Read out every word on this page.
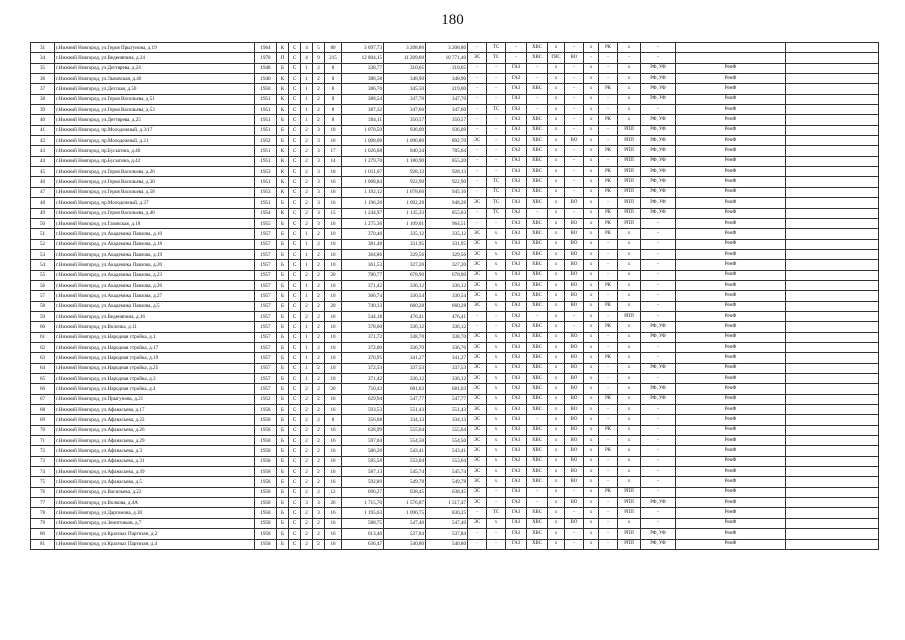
180
31	г.Нижний Новгород, ул.Героя Прыгунова, д.19	1964	К	С	4	5	80	3 697,73	3 208,80	3 208,80	-	ТС	-	ХВС	х	-	х	РК	х	-		
34	г.Нижний Новгород, ул.Веденяпина, д.24	1978	П	С	4	9	215	12 804,15	11 209,60	10 771,40	ЭС	ТС	-	ХВС	ГВС	ВО	-	-	-	-		
35	г.Нижний Новгород, ул.Дегтярева, д.24	1948	Б	С	1	2	8	338,77	310,65	310,65	-	-	ГАЗ	-	х	-	х	-	х	РФ, УФ	РемФ	
36	г.Нижний Новгород, ул.Львовская, д.46	1940	К	С	1	2	8	388,58	348,90	348,90	-	-	ГАЗ	-	х	-	х	-	х	РФ, УФ	РемФ	
37	г.Нижний Новгород, ул.Детская, д.50	1950	К	С	1	2	8	386,70	345,50	219,00	-	-	ГАЗ	ХВС	х	-	х	РК	х	РФ, УФ	РемФ	
38	г.Нижний Новгород, ул.Героя Васильева, д.51	1951	К	С	1	2	8	388,54	347,70	347,70	-	-	ГАЗ	-	х	-	х	-	х	РФ, УФ	РемФ	
39	г.Нижний Новгород, ул.Героя Васильева, д.53	1951	К	С	1	2	8	387,32	347,60	347,60	-	ТС	ГАЗ	-	х	-	х	-	х	-	РемФ	
40	г.Нижний Новгород, ул.Дегтярева, д.25	1951	Б	С	1	2	8	394,11	350,57	350,57	-	-	ГАЗ	ХВС	х	-	х	РК	х	РФ, УФ	РемФ	
41	г.Нижний Новгород, пр.Молодежный, д.3/17	1951	Б	С	2	3	18	1 070,50	936,09	936,09	-	-	ГАЗ	ХВС	х	-	х	-	РПП	РФ, УФ	РемФ	
42	г.Нижний Новгород, пр.Молодежный, д.21	1952	Б	С	2	3	16	1 098,08	1 096,80	892,70	ЭС	-	ГАЗ	ХВС	х	ВО	х	-	РПП	РФ, УФ	РемФ	
43	г.Нижний Новгород, пр.Бусыгина, д.40	1951	К	С	2	3	17	1 026,68	940,34	785,64	-	-	ГАЗ	ХВС	х	-	х	РК	РПП	РФ, УФ	РемФ	
44	г.Нижний Новгород, пр.Бусыгина, д.42	1951	К	С	2	3	14	1 279,70	1 180,90	855,20	-	-	ГАЗ	ХВС	х	-	х	-	РПП	РФ, УФ	РемФ	
45	г.Нижний Новгород, ул.Героя Васильева, д.26	1953	К	С	2	3	18	1 011,07	928,13	928,13	-	-	ГАЗ	ХВС	х	-	х	РК	РПП	РФ, УФ	РемФ	
46	г.Нижний Новгород, ул.Героя Васильева, д.30	1951	К	С	2	3	16	1 008,84	922,90	922,90	-	ТС	ГАЗ	ХВС	х	-	х	РК	РПП	РФ, УФ	РемФ	
47	г.Нижний Новгород, ул.Героя Васильева, д.58	1953	К	С	2	3	16	1 192,12	1 078,66	945,16	-	ТС	ГАЗ	ХВС	х	-	х	РК	РПП	РФ, УФ	РемФ	
48	г.Нижний Новгород, пр.Молодежный, д.27	1951	Б	С	2	3	16	1 196,26	1 092,28	948,28	ЭС	ТС	ГАЗ	ХВС	х	ВО	х	-	РПП	РФ, УФ	РемФ	
49	г.Нижний Новгород, ул.Героя Васильева, д.46	1954	К	С	2	3	15	1 244,97	1 135,33	855,63	-	ТС	ГАЗ	-	х	-	х	РК	РПП	РФ, УФ	РемФ	
50	г.Нижний Новгород, ул.Газовская, д.18	1955	Б	С	2	3	16	1 275,36	1 109,01	964,51	-	-	ГАЗ	ХВС	х	ВО	х	РК	РПП	-	РемФ	
51	г.Нижний Новгород, ул.Академика Павлова, д.10	1957	Б	С	1	2	10	370,46	335,12	335,12	ЭС	х	ГАЗ	ХВС	х	ВО	х	РК	х	-	РемФ	
52	г.Нижний Новгород, ул.Академика Павлова, д.18	1957	Б	С	1	2	10	381,48	331,95	331,95	ЭС	х	ГАЗ	ХВС	х	ВО	х	-	х	-	РемФ	
53	г.Нижний Новгород, ул.Академика Павлова, д.19	1957	Б	С	1	2	10	364,86	329,56	329,56	ЭС	х	ГАЗ	ХВС	х	ВО	х	-	х	-	РемФ	
54	г.Нижний Новгород, ул.Академика Павлова, д.20	1957	Б	С	1	2	10	361,53	327,20	327,20	ЭС	х	ГАЗ	ХВС	х	ВО	х	-	х	-	РемФ	
55	г.Нижний Новгород, ул.Академика Павлова, д.23	1957	Б	С	2	2	20	780,77	678,90	678,90	ЭС	х	ГАЗ	ХВС	х	ВО	х	-	х	-	РемФ	
56	г.Нижний Новгород, ул.Академика Павлова, д.26	1957	Б	С	1	2	10	371,42	336,12	336,12	ЭС	х	ГАЗ	ХВС	х	ВО	х	РК	х	-	РемФ	
57	г.Нижний Новгород, ул.Академика Павлова, д.27	1957	Б	С	1	2	10	366,74	330,54	330,54	ЭС	х	ГАЗ	ХВС	х	ВО	х	-	х	-	РемФ	
58	г.Нижний Новгород, ул.Академика Павлова, д.5	1957	Б	С	2	2	20	740,13	660,28	660,28	ЭС	х	ГАЗ	ХВС	х	ВО	х	РК	х	-	РемФ	
59	г.Нижний Новгород, ул.Веденяпина, д.16	1957	Б	С	2	2	16	544,18	476,41	476,41	-	-	ГАЗ	-	х	-	х	-	РПП	-	РемФ	
60	г.Нижний Новгород, ул.Волочка, д.11	1957	Б	С	1	2	10	378,60	336,12	336,12	-	-	ГАЗ	ХВС	х	-	х	РК	х	РФ, УФ	РемФ	
61	г.Нижний Новгород, ул.Народная стройка, д.1	1957	Б	С	1	2	10	371,72	338,70	338,70	ЭС	х	ГАЗ	ХВС	х	ВО	х	-	х	РФ, УФ	РемФ	
62	г.Нижний Новгород, ул.Народная стройка, д.17	1957	Б	С	1	2	10	372,00	336,70	336,70	ЭС	х	ГАЗ	ХВС	х	ВО	х	-	х	-	РемФ	
63	г.Нижний Новгород, ул.Народная стройка, д.19	1957	Б	С	1	2	10	376,95	341,27	341,27	ЭС	х	ГАЗ	ХВС	х	ВО	х	РК	х	-	РемФ	
64	г.Нижний Новгород, ул.Народная стройка, д.25	1957	Б	С	1	2	10	372,53	337,53	337,53	ЭС	х	ГАЗ	ХВС	х	ВО	х	-	х	РФ, УФ	РемФ	
65	г.Нижний Новгород, ул.Народная стройка, д.3	1957	Б	С	1	2	10	371,42	336,12	336,12	ЭС	х	ГАЗ	ХВС	х	ВО	х	-	х	-	РемФ	
66	г.Нижний Новгород, ул.Народная стройка, д.4	1957	Б	С	2	2	20	750,43	681,63	681,63	ЭС	х	ГАЗ	ХВС	х	ВО	х	-	х	РФ, УФ	РемФ	
67	г.Нижний Новгород, ул.Прыгунова, д.21	1952	Б	С	2	2	16	629,94	547,77	547,77	ЭС	х	ГАЗ	ХВС	х	ВО	х	РК	х	РФ, УФ	РемФ	
68	г.Нижний Новгород, ул.Афанасьева, д.17	1958	Б	С	2	2	16	593,53	551,43	551,43	ЭС	х	ГАЗ	ХВС	х	ВО	х	-	х	-	РемФ	
69	г.Нижний Новгород, ул.Афанасьева, д.22	1958	Б	С	2	2	8	356,08	334,13	334,13	ЭС	х	ГАЗ	-	х	ВО	х	-	х	-	РемФ	
70	г.Нижний Новгород, ул.Афанасьева, д.26	1958	Б	С	2	2	16	638,99	555,64	555,64	ЭС	х	ГАЗ	ХВС	х	ВО	х	РК	х	-	РемФ	
71	г.Нижний Новгород, ул.Афанасьева, д.29	1958	Б	С	2	2	16	597,04	554,50	554,50	ЭС	х	ГАЗ	ХВС	х	ВО	х	-	х	-	РемФ	
72	г.Нижний Новгород, ул.Афанасьева, д.3	1958	Б	С	2	2	16	586,26	543,41	543,41	ЭС	х	ГАЗ	ХВС	х	ВО	х	РК	х	-	РемФ	
73	г.Нижний Новгород, ул.Афанасьева, д.31	1958	Б	С	2	2	16	595,56	553,04	553,04	ЭС	х	ГАЗ	ХВС	х	ВО	х	-	х	-	РемФ	
74	г.Нижний Новгород, ул.Афанасьева, д.39	1958	Б	С	2	2	16	587,13	545,74	545,74	ЭС	х	ГАЗ	ХВС	х	ВО	х	-	х	-	РемФ	
75	г.Нижний Новгород, ул.Афанасьева, д.5	1958	Б	С	2	2	16	592,89	549,78	549,78	ЭС	х	ГАЗ	ХВС	х	ВО	х	-	х	-	РемФ	
76	г.Нижний Новгород, ул.Васильева, д.22	1958	Б	С	2	2	12	696,27	638,45	638,45	ЭС	-	ГАЗ	-	х	-	х	РК	РПП	-	РемФ	
77	г.Нижний Новгород, ул.Волкова, д.4А	1958	Б	С	3	3	26	1 715,70	1 576,87	1 517,47	ЭС	-	ГАЗ	-	х	ВО	х	-	РПП	РФ, УФ	РемФ	
78	г.Нижний Новгород, ул.Даргомова, д.30	1958	Б	С	2	3	16	1 195,63	1 096,75	830,25	-	ТС	ГАЗ	ХВС	х	-	х	-	РПП	-	РемФ	
79	г.Нижний Новгород, ул.Зенитчиков, д.7	1958	Б	С	2	2	16	588,75	547,40	547,40	ЭС	х	ГАЗ	ХВС	х	ВО	х	-	х	-	РемФ	
80	г.Нижний Новгород, ул.Красных Партизан, д.2	1958	Б	С	2	2	16	613,46	537,84	537,84	-	-	ГАЗ	ХВС	х	-	х	-	РПП	РФ, УФ	РемФ	
81	г.Нижний Новгород, ул.Красных Партизан, д.4	1958	Б	С	2	2	16	636,47	540,80	540,80	-	-	ГАЗ	ХВС	х	-	х	-	РПП	РФ, УФ	РемФ	
